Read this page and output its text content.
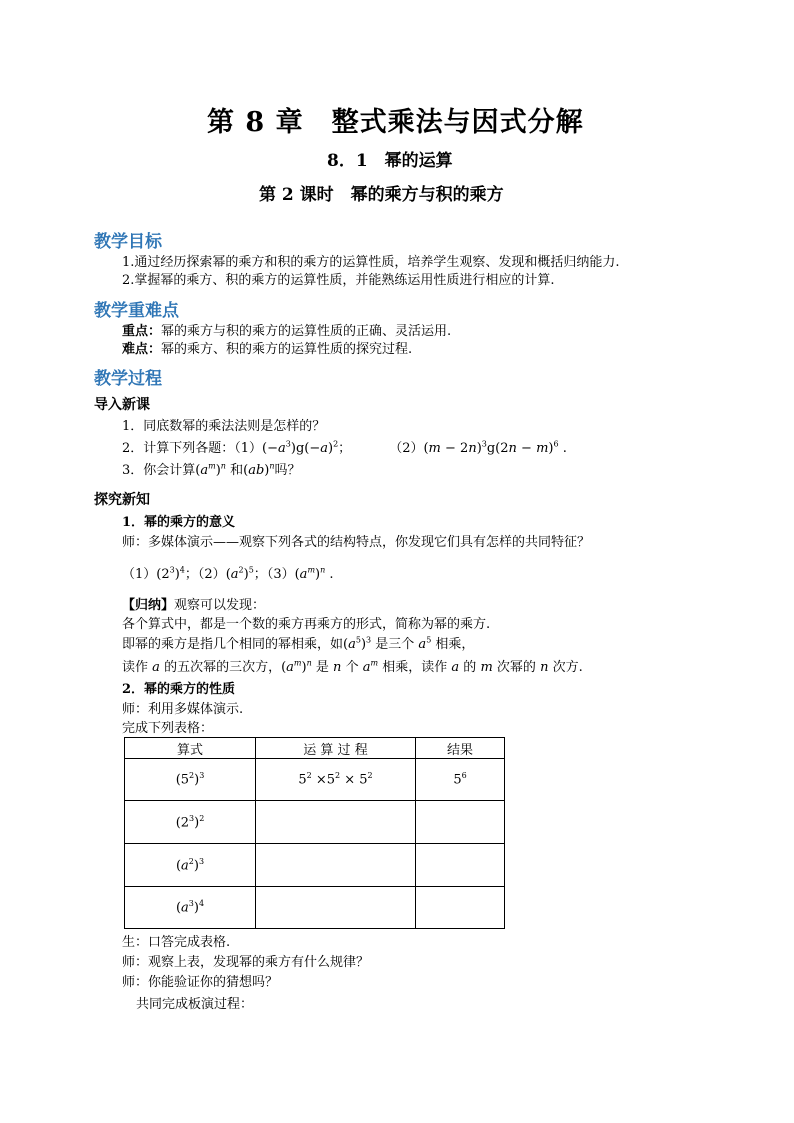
第 8 章　整式乘法与因式分解
8．1　幂的运算
第 2 课时　幂的乘方与积的乘方
教学目标
1.通过经历探索幂的乘方和积的乘方的运算性质，培养学生观察、发现和概括归纳能力.
2.掌握幂的乘方、积的乘方的运算性质，并能熟练运用性质进行相应的计算.
教学重难点
重点：幂的乘方与积的乘方的运算性质的正确、灵活运用.
难点：幂的乘方、积的乘方的运算性质的探究过程.
教学过程
导入新课
1．同底数幂的乘法法则是怎样的？
2．计算下列各题：$(1)(-a^3)g(-a)^2$；	$(2)(m - 2n)^3g(2n - m)^6$ .
3．你会计算$(a^m)^n$ 和(ab)$^n$吗？
探究新知
1．幂的乘方的意义
师：多媒体演示——观察下列各式的结构特点，你发现它们具有怎样的共同特征？
$(1)(2^3)^4$；$(2)(a^2)^5$；$(3)(a^m)^n$ .
【归纳】观察可以发现：
各个算式中，都是一个数的乘方再乘方的形式，简称为幂的乘方.
即幂的乘方是指几个相同的幂相乘，如$(a^5)^3$ 是三个 $a^5$ 相乘，
读作 a 的五次幂的三次方，$(a^m)^n$ 是 n 个 $a^m$ 相乘，读作 a 的 m 次幂的 n 次方.
2．幂的乘方的性质
师：利用多媒体演示.
完成下列表格：
算式	运 算 过 程	结果
$(5^2)^3$	$5^2 \times 5^2 \times 5^2$	$5^6$
$(2^3)^2$		
$(a^2)^3$		
$(a^3)^4$		
生：口答完成表格.
师：观察上表，发现幂的乘方有什么规律？
师：你能验证你的猜想吗？
共同完成板演过程：
